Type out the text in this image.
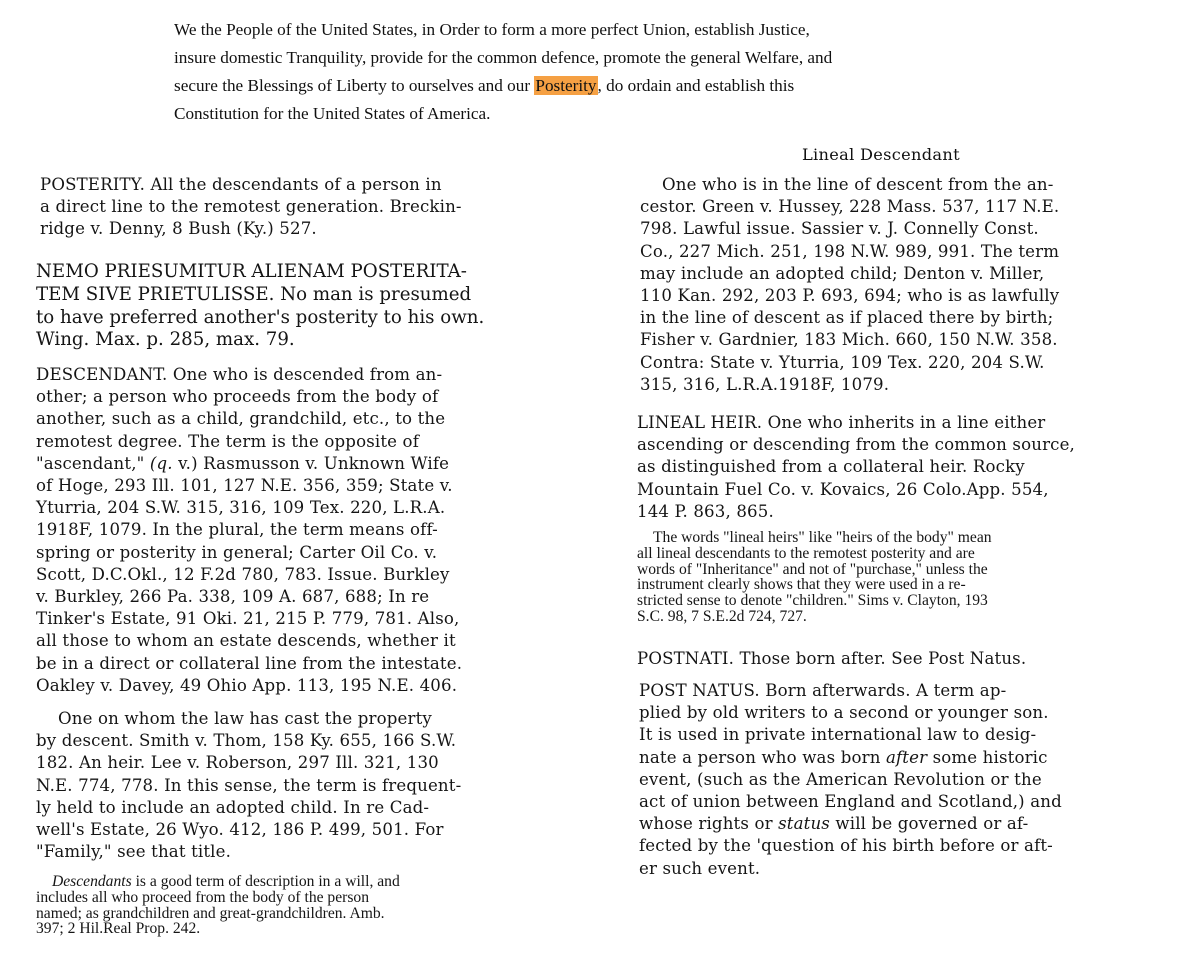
We the People of the United States, in Order to form a more perfect Union, establish Justice,
insure domestic Tranquility, provide for the common defence, promote the general Welfare, and
secure the Blessings of Liberty to ourselves and our Posterity, do ordain and establish this
Constitution for the United States of America.
POSTERITY. All the descendants of a person in
a direct line to the remotest generation. Breckin-
ridge v. Denny, 8 Bush (Ky.) 527.
NEMO PRIESUMITUR ALIENAM POSTERITA-
TEM SIVE PRIETULISSE. No man is presumed
to have preferred another's posterity to his own.
Wing. Max. p. 285, max. 79.
DESCENDANT. One who is descended from an-
other; a person who proceeds from the body of
another, such as a child, grandchild, etc., to the
remotest degree. The term is the opposite of
"ascendant," (q. v.) Rasmusson v. Unknown Wife
of Hoge, 293 Ill. 101, 127 N.E. 356, 359; State v.
Yturria, 204 S.W. 315, 316, 109 Tex. 220, L.R.A.
1918F, 1079. In the plural, the term means off-
spring or posterity in general; Carter Oil Co. v.
Scott, D.C.Okl., 12 F.2d 780, 783. Issue. Burkley
v. Burkley, 266 Pa. 338, 109 A. 687, 688; In re
Tinker's Estate, 91 Oki. 21, 215 P. 779, 781. Also,
all those to whom an estate descends, whether it
be in a direct or collateral line from the intestate.
Oakley v. Davey, 49 Ohio App. 113, 195 N.E. 406.
One on whom the law has cast the property
by descent. Smith v. Thom, 158 Ky. 655, 166 S.W.
182. An heir. Lee v. Roberson, 297 Ill. 321, 130
N.E. 774, 778. In this sense, the term is frequent-
ly held to include an adopted child. In re Cad-
well's Estate, 26 Wyo. 412, 186 P. 499, 501. For
"Family," see that title.
Descendants is a good term of description in a will, and
includes all who proceed from the body of the person
named; as grandchildren and great-grandchildren. Amb.
397; 2 Hil.Real Prop. 242.
Lineal Descendant
One who is in the line of descent from the an-
cestor. Green v. Hussey, 228 Mass. 537, 117 N.E.
798. Lawful issue. Sassier v. J. Connelly Const.
Co., 227 Mich. 251, 198 N.W. 989, 991. The term
may include an adopted child; Denton v. Miller,
110 Kan. 292, 203 P. 693, 694; who is as lawfully
in the line of descent as if placed there by birth;
Fisher v. Gardnier, 183 Mich. 660, 150 N.W. 358.
Contra: State v. Yturria, 109 Tex. 220, 204 S.W.
315, 316, L.R.A.1918F, 1079.
LINEAL HEIR. One who inherits in a line either
ascending or descending from the common source,
as distinguished from a collateral heir. Rocky
Mountain Fuel Co. v. Kovaics, 26 Colo.App. 554,
144 P. 863, 865.
The words "lineal heirs" like "heirs of the body" mean
all lineal descendants to the remotest posterity and are
words of "Inheritance" and not of "purchase," unless the
instrument clearly shows that they were used in a re-
stricted sense to denote "children." Sims v. Clayton, 193
S.C. 98, 7 S.E.2d 724, 727.
POSTNATI. Those born after. See Post Natus.
POST NATUS. Born afterwards. A term ap-
plied by old writers to a second or younger son.
It is used in private international law to desig-
nate a person who was born after some historic
event, (such as the American Revolution or the
act of union between England and Scotland,) and
whose rights or status will be governed or af-
fected by the 'question of his birth before or aft-
er such event.
